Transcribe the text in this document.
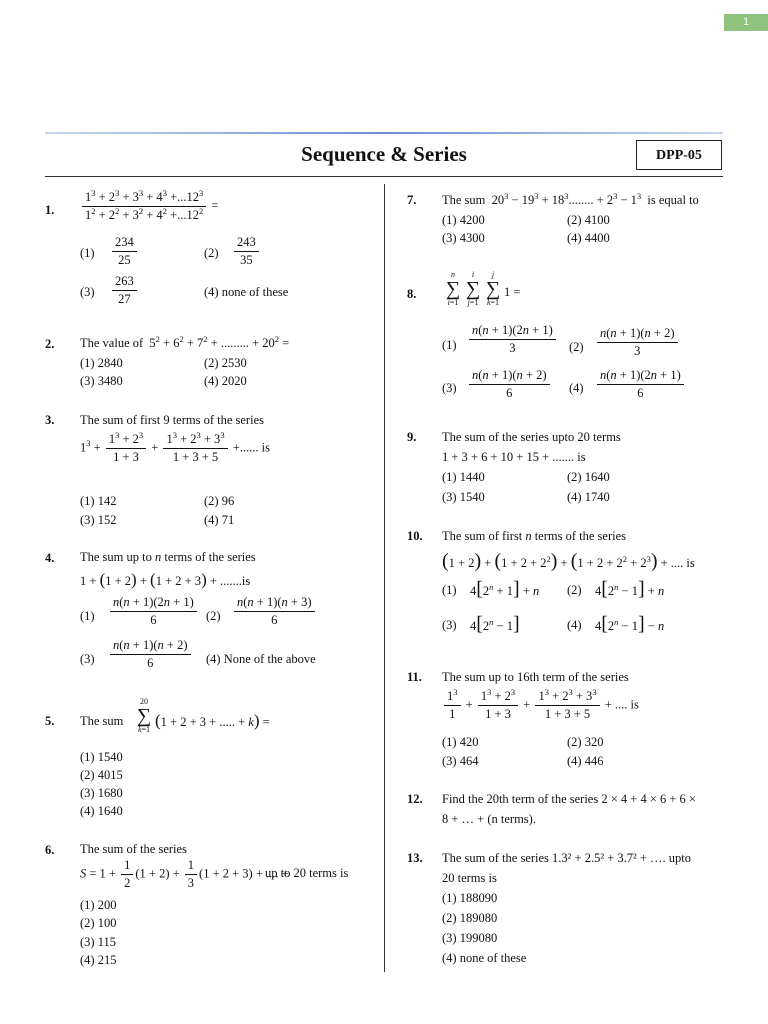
1
Sequence & Series	DPP-05
1. $\frac{1^3 + 2^3 + 3^3 + 4^3 +...12^3}{1^2 + 2^2 + 3^2 + 4^2 +...12^2}$ =
$(1) \frac{234}{25}$	$(2) \frac{243}{35}$
$(3) \frac{263}{27}$	(4) none of these
2. The value of  $5^2 + 6^2 + 7^2$ + ......... + $20^2$ =
(1) 2840	(2) 2530
(3) 3480	(4) 2020
3. The sum of first 9 terms of the series
$1^3 + \frac{1^3 + 2^3}{1 + 3} + \frac{1^3 + 2^3 + 3^3}{1 + 3 + 5}$ +...... is
(1) 142	(2) 96
(3) 152	(4) 71
4. The sum up to n terms of the series
1 + (1 + 2) + (1 + 2 + 3) + .......is
$(1) \frac{n(n + 1)(2n + 1)}{6} (2) \frac{n(n + 1)(n + 3)}{6}$
$(3) \frac{n(n + 1)(n + 2)}{6} (4)$ None of the above
5. The sum
20
∑
k=1 (1 + 2 + 3 + ..... + k) =
(1) 1540
(2) 4015
(3) 1680
(4) 1640
6. The sum of the series
$S = 1 + \frac{1}{2} (1 + 2) + \frac{1}{3} (1 + 2 + 3)$ + .... +
up to 20 terms is
(1) 200
(2) 100
(3) 115
(4) 215
7. The sum  $20^3 - 19^3 + 18^3$........ + $2^3 - 1^3$ is equal to
(1) 4200	(2) 4100
(3) 4300	(4) 4400
8.
n
∑
i=1
i
∑
j=1
j
∑
k=1
1 =
$(1) \frac{n(n + 1)(2n + 1)}{3} (2) \frac{n(n + 1)(n + 2)}{3}$
$(3) \frac{n(n + 1)(n + 2)}{6} (4) \frac{n(n + 1)(2n + 1)}{6}$
9. The sum of the series upto 20 terms
1 + 3 + 6 + 10 + 15 + ....... is
(1) 1440	(2) 1640
(3) 1540	(4) 1740
10. The sum of first n terms of the series
$(1 + 2) + (1 + 2 + 2^2) + (1 + 2 + 2^2 + 2^3)$ + .... is
(1) $4[2^n + 1] + n$ (2) $4[2^n - 1] + n$
(3) $4[2^n - 1]$	(4) $4[2^n - 1] - n$
11. The sum up to 16th term of the series
$\frac{1^3}{1} + \frac{1^3 + 2^3}{1 + 3} + \frac{1^3 + 2^3 + 3^3}{1 + 3 + 5}$ + .... is
(1) 420	(2) 320
(3) 464	(4) 446
12. Find the 20th term of the series 2 × 4 + 4 × 6 + 6 ×
8 + … + (n terms).
13. The sum of the series 1.3² + 2.5² + 3.7² + …. upto
20 terms is
(1) 188090
(2) 189080
(3) 199080
(4) none of these
